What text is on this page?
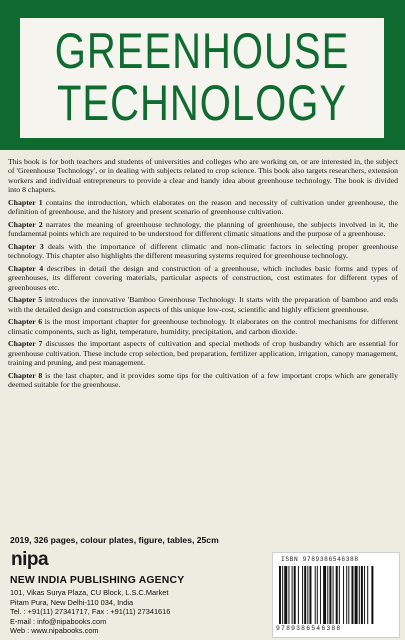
GREENHOUSE
TECHNOLOGY

This book is for both teachers and students of universities and colleges who are working on, or are interested in, the subject of 'Greenhouse Technology', or in dealing with subjects related to crop science. This book also targets researchers, extension workers and individual entrepreneurs to provide a clear and handy idea about greenhouse technology. The book is divided into 8 chapters.

Chapter 1 contains the introduction, which elaborates on the reason and necessity of cultivation under greenhouse, the definition of greenhouse, and the history and present scenario of greenhouse cultivation.

Chapter 2 narrates the meaning of greenhouse technology, the planning of greenhouse, the subjects involved in it, the fundamental points which are required to be understood for different climatic situations and the purpose of a greenhouse.

Chapter 3 deals with the importance of different climatic and non-climatic factors in selecting proper greenhouse technology. This chapter also highlights the different measuring systems required for greenhouse technology.

Chapter 4 describes in detail the design and construction of a greenhouse, which includes basic forms and types of greenhouses, its different covering materials, particular aspects of construction, cost estimates for different types of greenhouses etc.

Chapter 5 introduces the innovative 'Bamboo Greenhouse Technology. It starts with the preparation of bamboo and ends with the detailed design and construction aspects of this unique low-cost, scientific and highly efficient greenhouse.

Chapter 6 is the most important chapter for greenhouse technology. It elaborates on the control mechanisms for different climatic components, such as light, temperature, humidity, precipitation, and carbon dioxide.

Chapter 7 discusses the important aspects of cultivation and special methods of crop husbandry which are essential for greenhouse cultivation. These include crop selection, bed preparation, fertilizer application, irrigation, canopy management, training and pruning, and pest management.

Chapter 8 is the last chapter, and it provides some tips for the cultivation of a few important crops which are generally deemed suitable for the greenhouse.

2019, 326 pages, colour plates, figure, tables, 25cm
nipa
NEW INDIA PUBLISHING AGENCY
101, Vikas Surya Plaza, CU Block, L.S.C.Market
Pitam Pura, New Delhi-110 034, India
Tel. : +91(11) 27341717, Fax : +91(11) 27341616
E-mail : info@nipabooks.com
Web : www.nipabooks.com
ISBN 9789386546388
9789386546388
